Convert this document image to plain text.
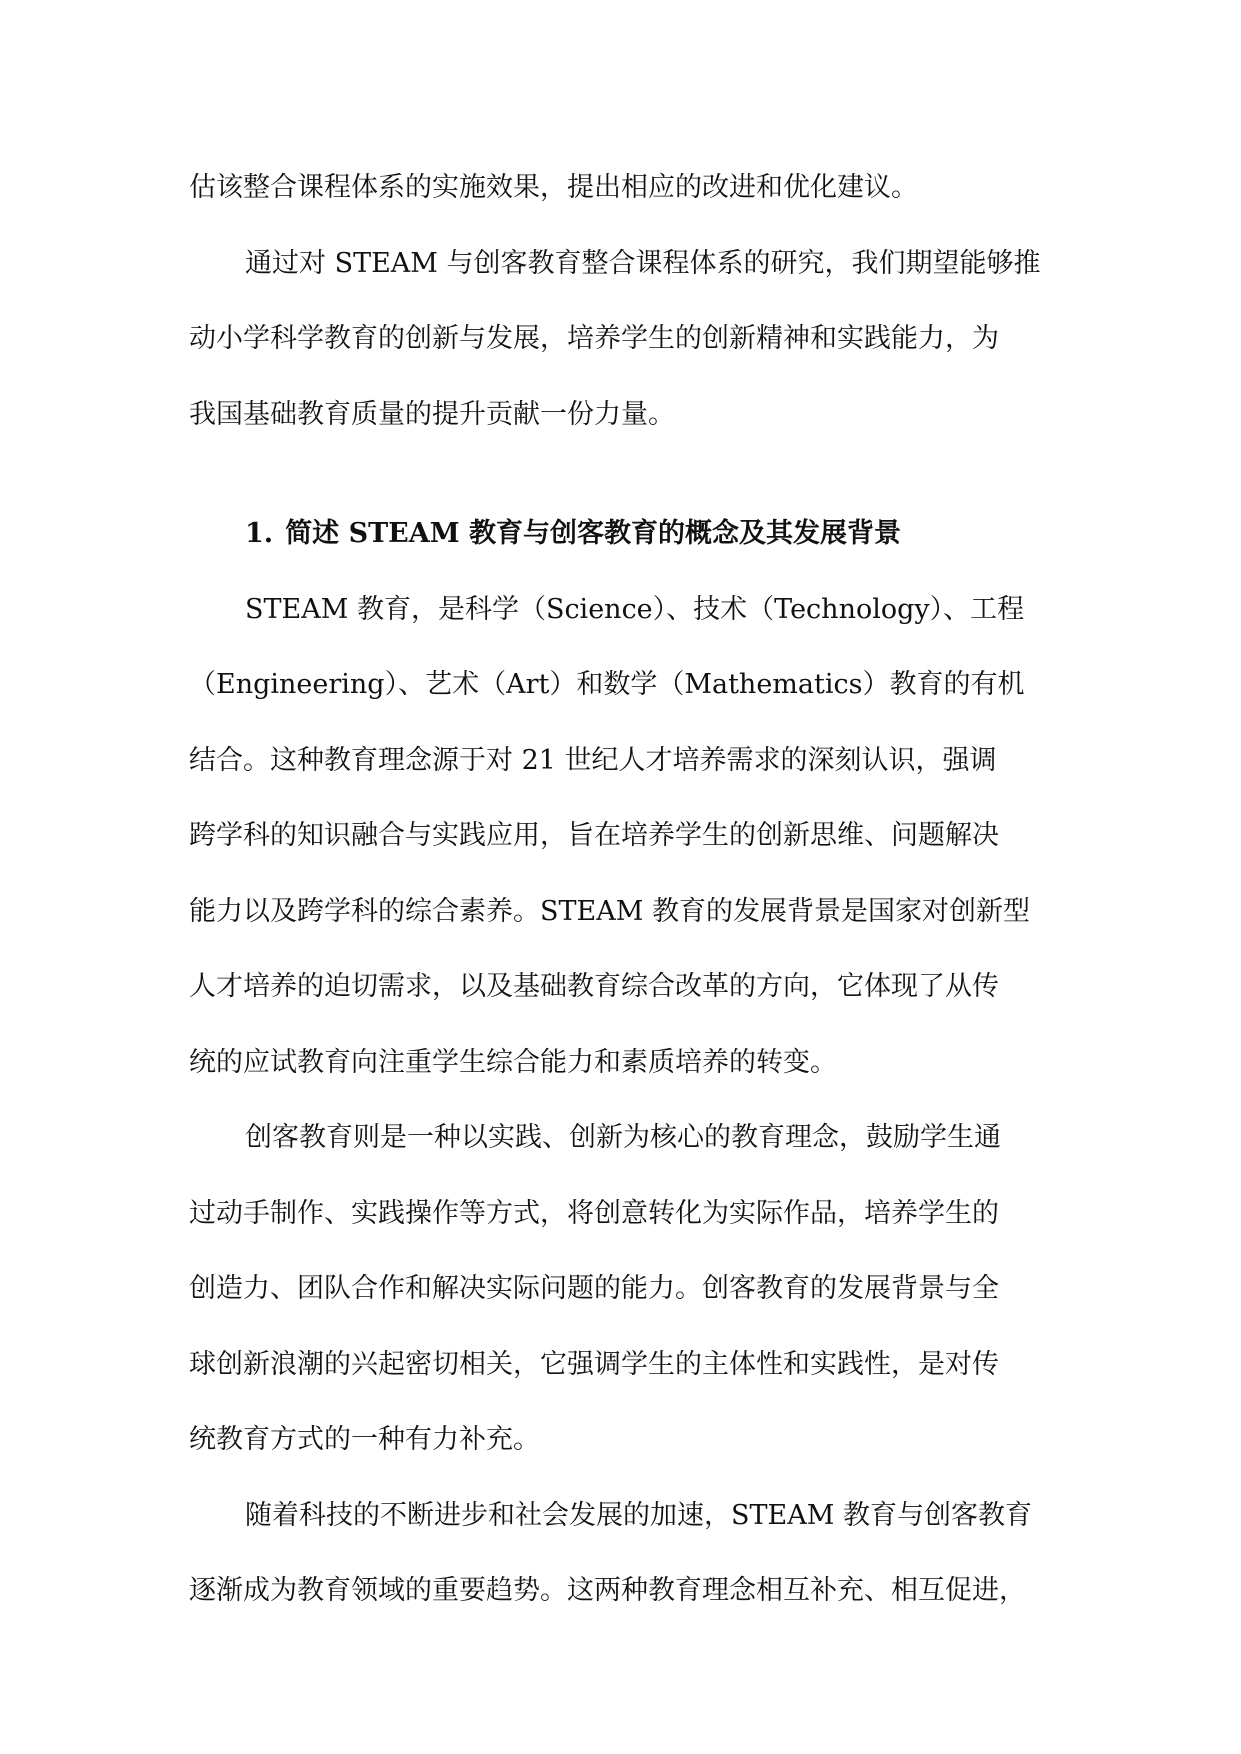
估该整合课程体系的实施效果，提出相应的改进和优化建议。

通过对 STEAM 与创客教育整合课程体系的研究，我们期望能够推
动小学科学教育的创新与发展，培养学生的创新精神和实践能力，为
我国基础教育质量的提升贡献一份力量。

1. 简述 STEAM 教育与创客教育的概念及其发展背景

STEAM 教育，是科学（Science）、技术（Technology）、工程
（Engineering）、艺术（Art）和数学（Mathematics）教育的有机
结合。这种教育理念源于对 21 世纪人才培养需求的深刻认识，强调
跨学科的知识融合与实践应用，旨在培养学生的创新思维、问题解决
能力以及跨学科的综合素养。STEAM 教育的发展背景是国家对创新型
人才培养的迫切需求，以及基础教育综合改革的方向，它体现了从传
统的应试教育向注重学生综合能力和素质培养的转变。

创客教育则是一种以实践、创新为核心的教育理念，鼓励学生通
过动手制作、实践操作等方式，将创意转化为实际作品，培养学生的
创造力、团队合作和解决实际问题的能力。创客教育的发展背景与全
球创新浪潮的兴起密切相关，它强调学生的主体性和实践性，是对传
统教育方式的一种有力补充。

随着科技的不断进步和社会发展的加速，STEAM 教育与创客教育
逐渐成为教育领域的重要趋势。这两种教育理念相互补充、相互促进，
